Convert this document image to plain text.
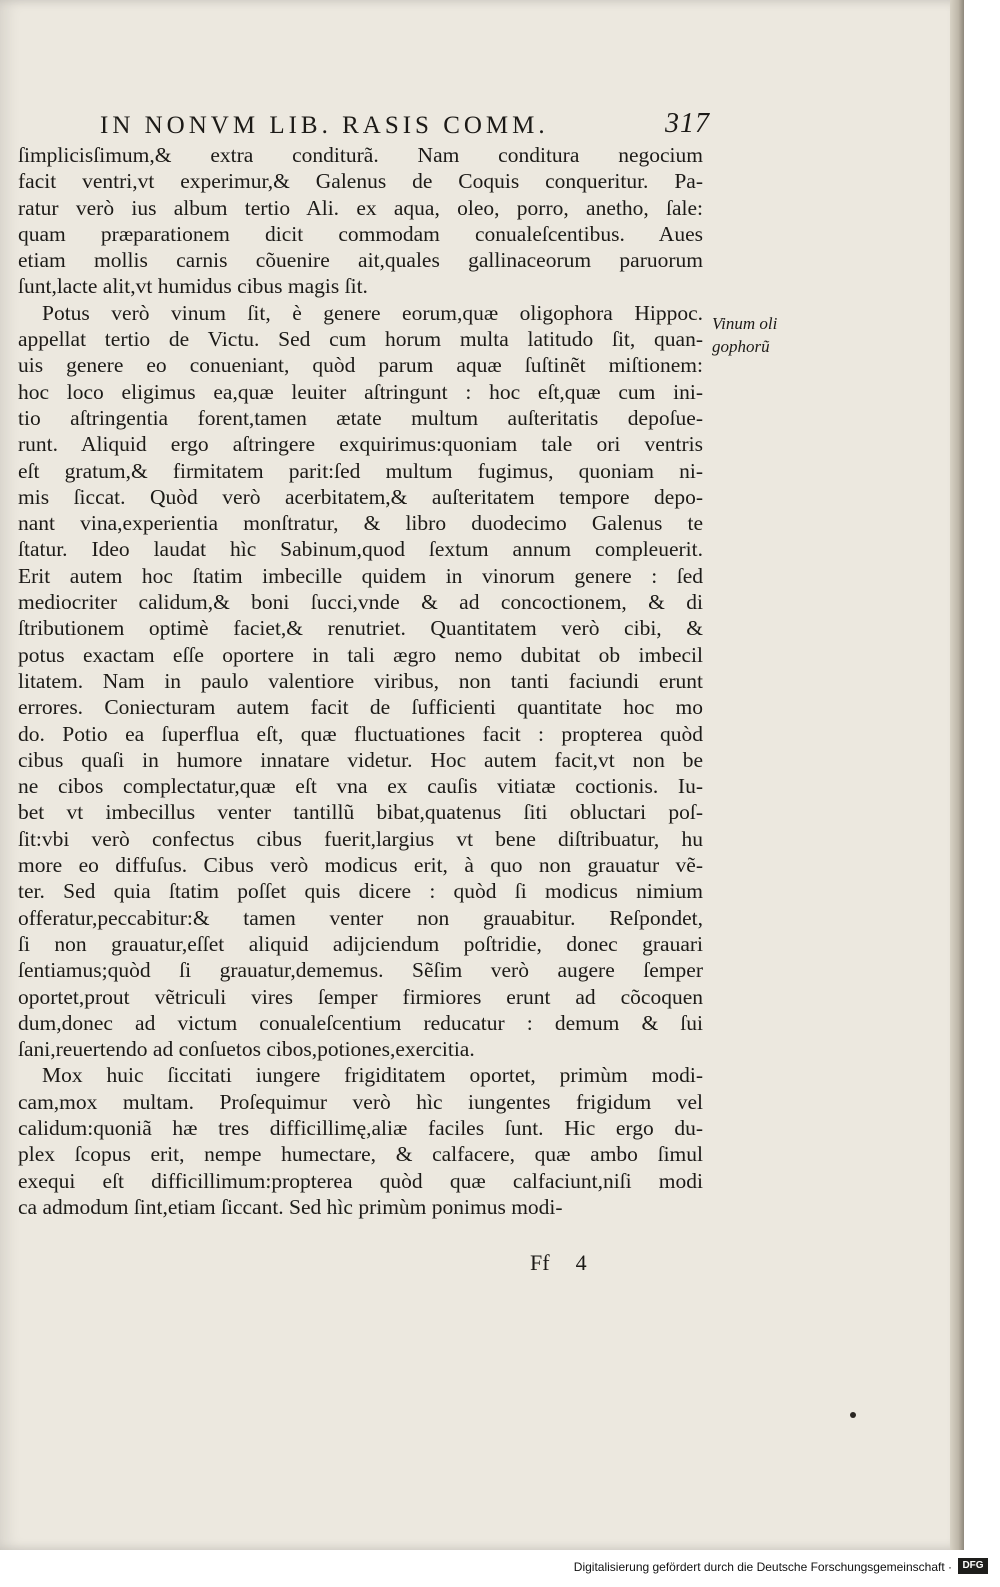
IN NONVM LIB. RASIS COMM.	317
ſimplicisſimum,& extra conditurã. Nam conditura negocium
facit ventri,vt experimur,& Galenus de Coquis conqueritur. Pa-
ratur verò ius album tertio Ali. ex aqua, oleo, porro, anetho, ſale:
quam præparationem dicit commodam conualeſcentibus. Aues
etiam mollis carnis cõuenire ait,quales gallinaceorum paruorum
ſunt,lacte alit,vt humidus cibus magis ſit.
Potus verò vinum ſit, è genere eorum,quæ oligophora Hippoc.
appellat tertio de Victu. Sed cum horum multa latitudo ſit, quan-
uis genere eo conueniant, quòd parum aquæ ſuſtinẽt miſtionem:
hoc loco eligimus ea,quæ leuiter aſtringunt : hoc eſt,quæ cum ini-
tio aſtringentia forent,tamen ætate multum auſteritatis depoſue-
runt. Aliquid ergo aſtringere exquirimus:quoniam tale ori ventris
eſt gratum,& firmitatem parit:ſed multum fugimus, quoniam ni-
mis ſiccat. Quòd verò acerbitatem,& auſteritatem tempore depo-
nant vina,experientia monſtratur, & libro duodecimo Galenus te
ſtatur. Ideo laudat hìc Sabinum,quod ſextum annum compleuerit.
Erit autem hoc ſtatim imbecille quidem in vinorum genere : ſed
mediocriter calidum,& boni ſucci,vnde & ad concoctionem, & di
ſtributionem optimè faciet,& renutriet. Quantitatem verò cibi, &
potus exactam eſſe oportere in tali ægro nemo dubitat ob imbecil
litatem. Nam in paulo valentiore viribus, non tanti faciundi erunt
errores. Coniecturam autem facit de ſufficienti quantitate hoc mo
do. Potio ea ſuperflua eſt, quæ fluctuationes facit : propterea quòd
cibus quaſi in humore innatare videtur. Hoc autem facit,vt non be
ne cibos complectatur,quæ eſt vna ex cauſis vitiatæ coctionis. Iu-
bet vt imbecillus venter tantillũ bibat,quatenus ſiti obluctari poſ-
ſit:vbi verò confectus cibus fuerit,largius vt bene diſtribuatur, hu
more eo diffuſus. Cibus verò modicus erit, à quo non grauatur vẽ-
ter. Sed quia ſtatim poſſet quis dicere : quòd ſi modicus nimium
offeratur,peccabitur:& tamen venter non grauabitur. Reſpondet,
ſi non grauatur,eſſet aliquid adijciendum poſtridie, donec grauari
ſentiamus;quòd ſi grauatur,dememus. Sẽſim verò augere ſemper
oportet,prout vẽtriculi vires ſemper firmiores erunt ad cõcoquen
dum,donec ad victum conualeſcentium reducatur : demum & ſui
ſani,reuertendo ad conſuetos cibos,potiones,exercitia.
Mox huic ſiccitati iungere frigiditatem oportet, primùm modi-
cam,mox multam. Proſequimur verò hìc iungentes frigidum vel
calidum:quoniã hæ tres difficillimę,aliæ faciles ſunt. Hic ergo du-
plex ſcopus erit, nempe humectare, & calfacere, quæ ambo ſimul
exequi eſt difficillimum:propterea quòd quæ calfaciunt,niſi modi
ca admodum ſint,etiam ſiccant. Sed hìc primùm ponimus modi-
Vinum oli
gophorũ
Ff 4
Digitalisierung gefördert durch die Deutsche Forschungsgemeinschaft ·	DFG
